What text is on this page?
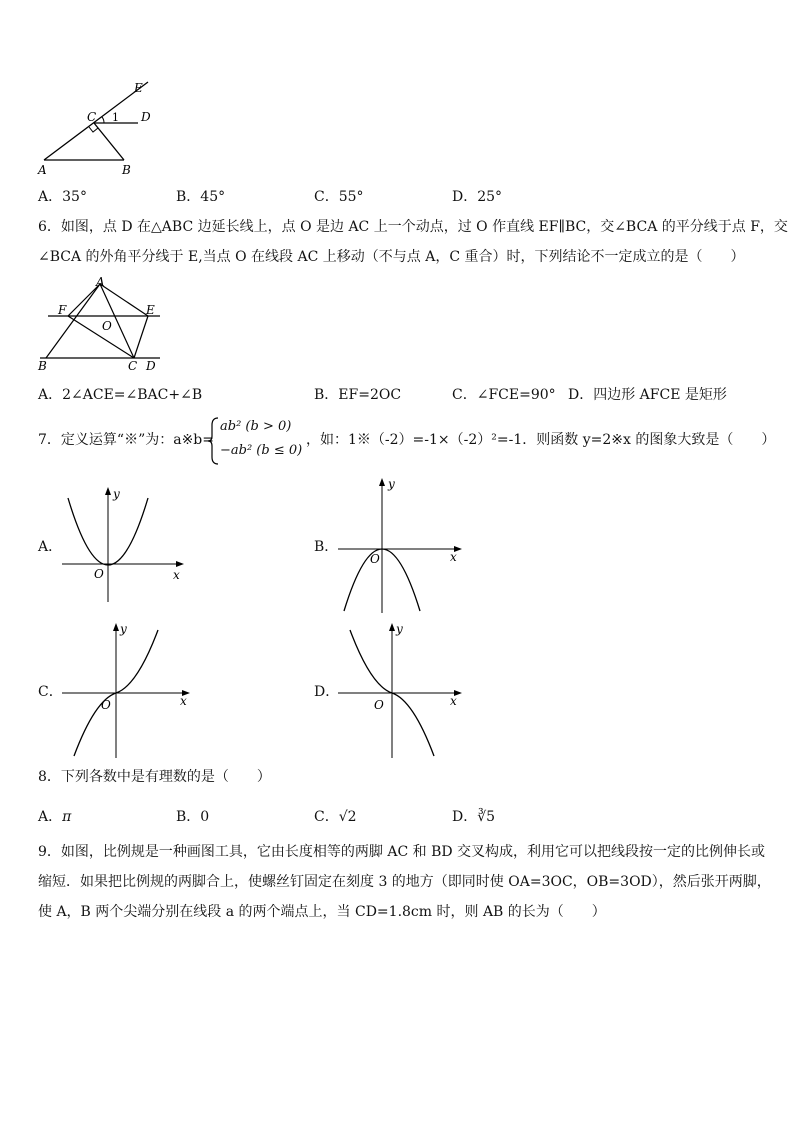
E
C 1 D
A	B
A．35°	B．45°	C．55°	D．25°
6．如图，点 D 在△ABC 边延长线上，点 O 是边 AC 上一个动点，过 O 作直线 EF∥BC，交∠BCA 的平分线于点 F，交
∠BCA 的外角平分线于 E,当点 O 在线段 AC 上移动（不与点 A，C 重合）时，下列结论不一定成立的是（　　）
A
F	E
O
B	C D
A．2∠ACE=∠BAC+∠B	B．EF=2OC	C．∠FCE=90° D．四边形 AFCE 是矩形
7．定义运算“※”为：a※b=
ab² (b > 0)
−ab² (b ≤ 0)
，如：1※（-2）=-1×（-2）²=-1．则函数 y=2※x 的图象大致是（　　）
A．
x
y
O
B．
x
y
O
C．
x
y
O
D．
x
y
O
8．下列各数中是有理数的是（　　）
A．π	B．0	C．√2	D．∛5
9．如图，比例规是一种画图工具，它由长度相等的两脚 AC 和 BD 交叉构成，利用它可以把线段按一定的比例伸长或
缩短．如果把比例规的两脚合上，使螺丝钉固定在刻度 3 的地方（即同时使 OA=3OC，OB=3OD），然后张开两脚，
使 A，B 两个尖端分别在线段 a 的两个端点上，当 CD=1.8cm 时，则 AB 的长为（　　）
